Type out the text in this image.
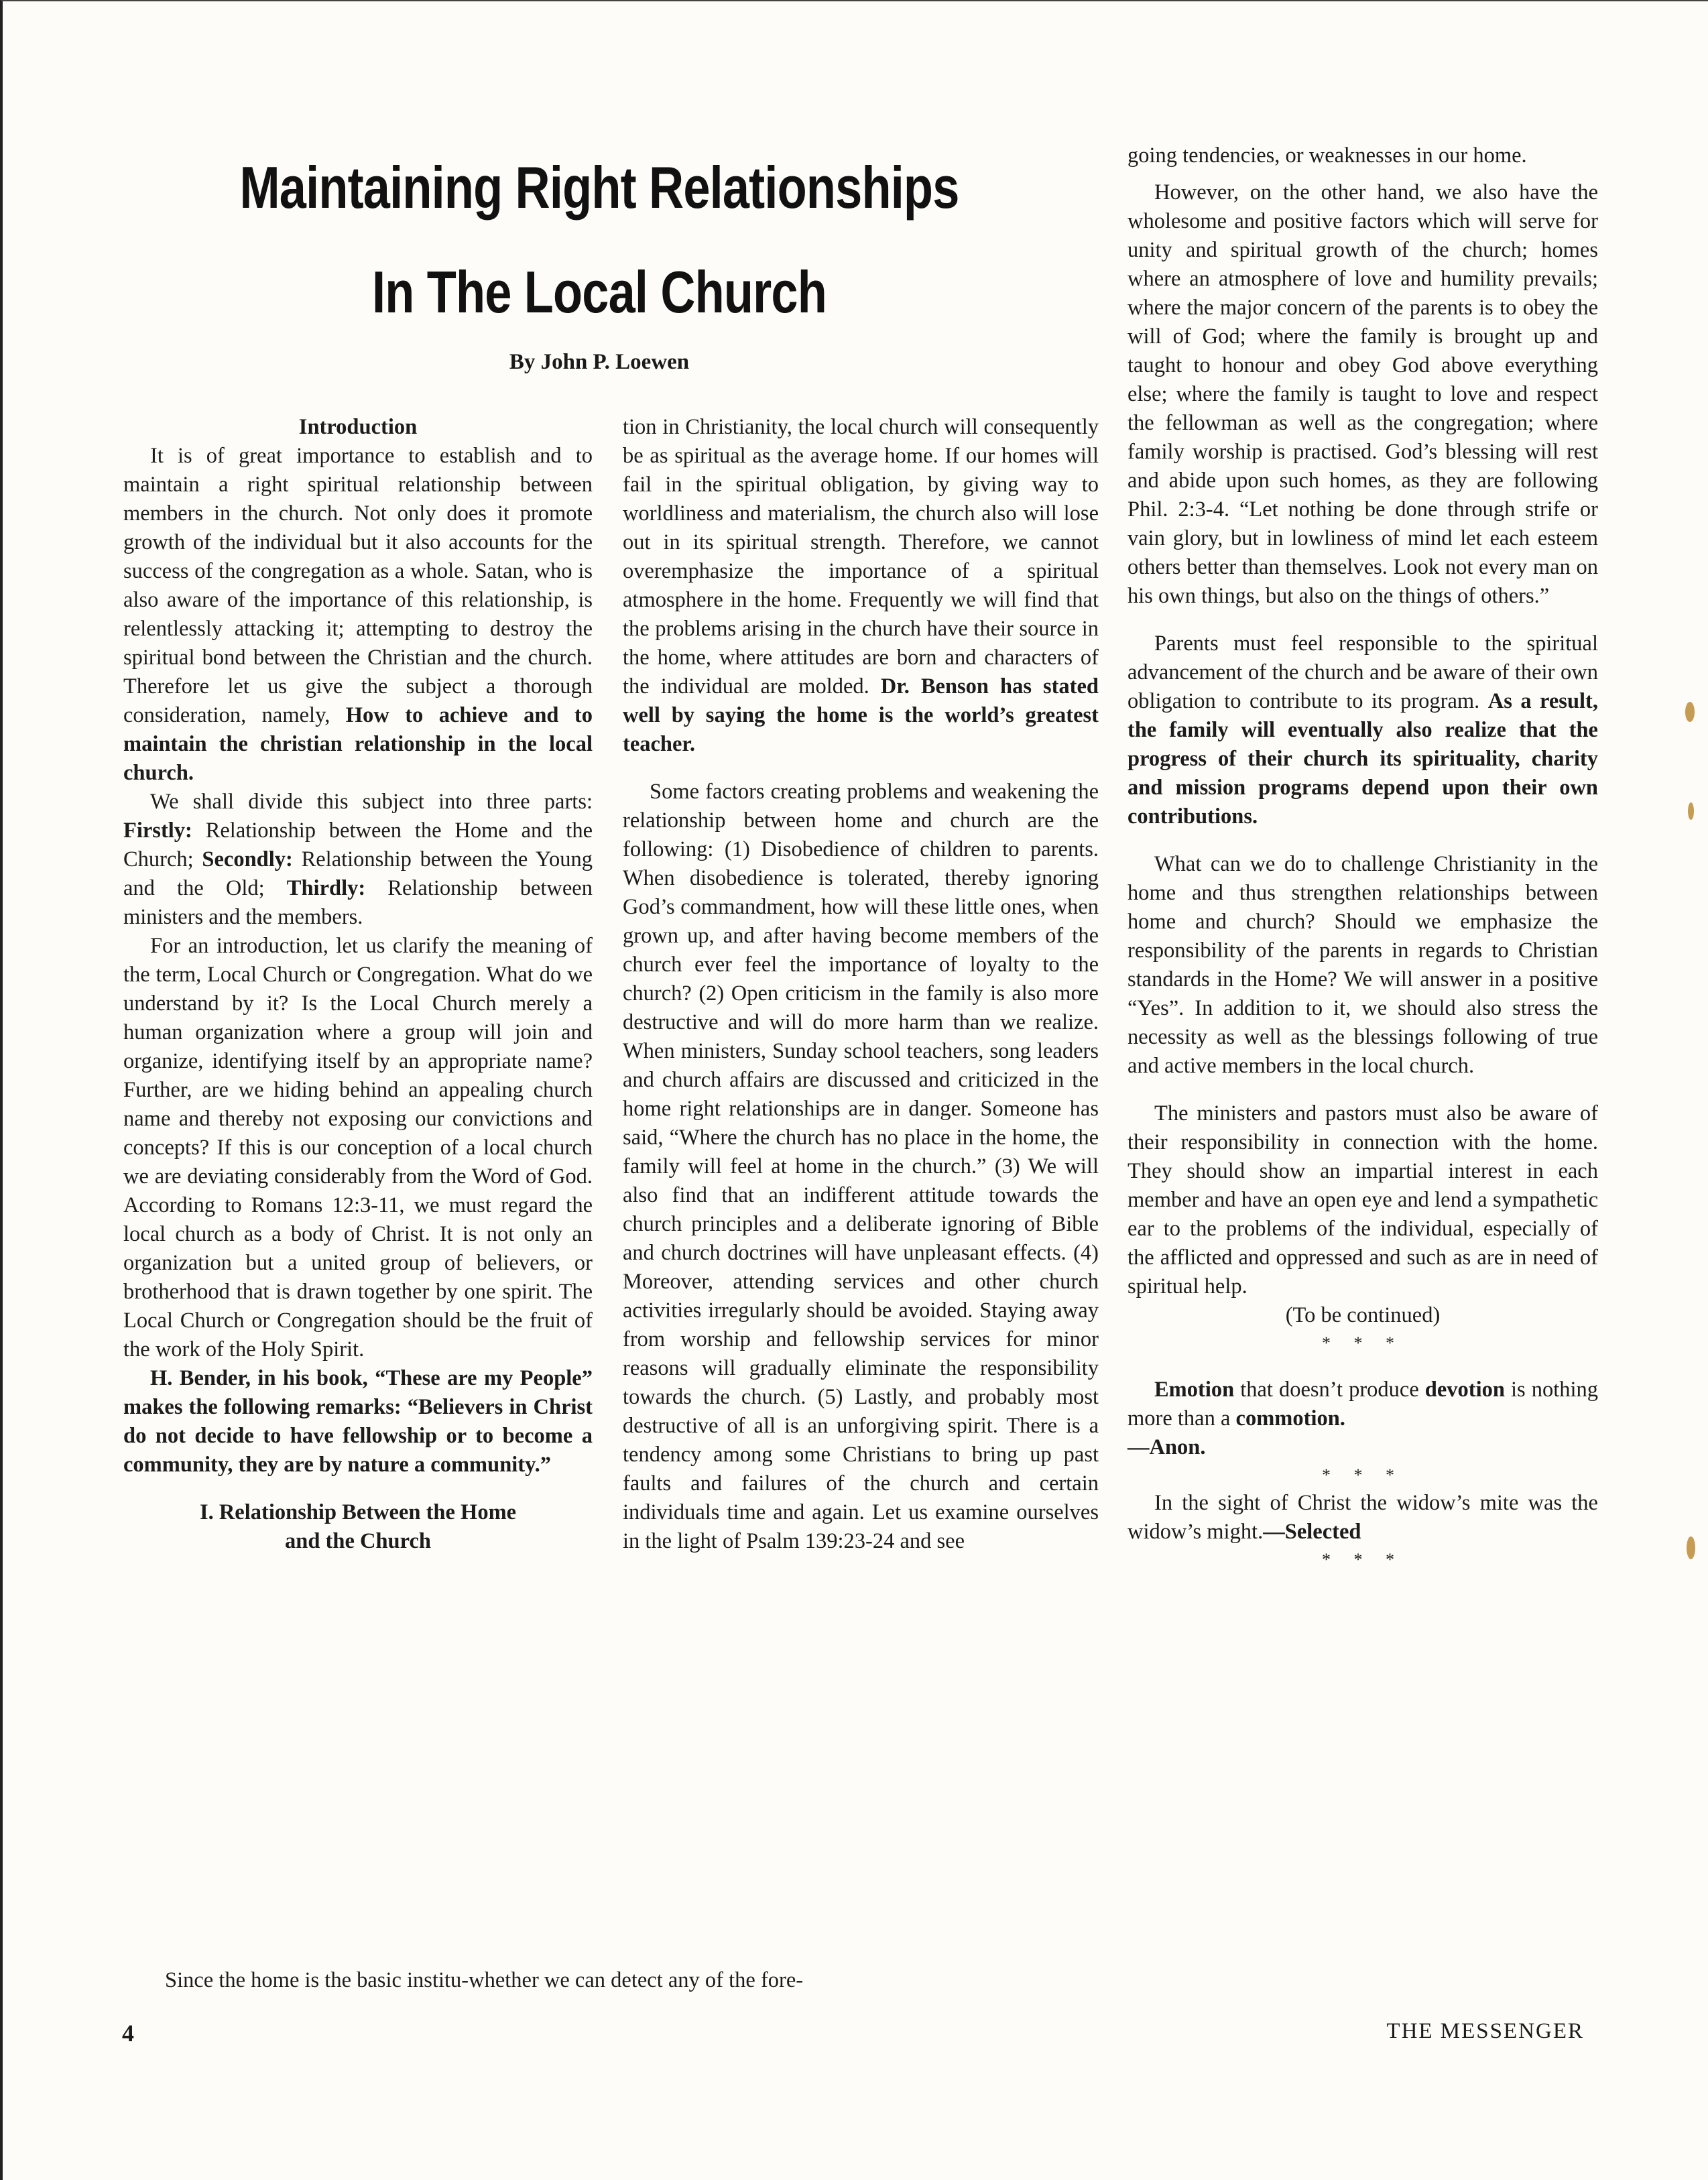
Maintaining Right Relationships
In The Local Church
By John P. Loewen

Introduction

It is of great importance to establish and to maintain a right spiritual relationship between members in the church. Not only does it promote growth of the individual but it also accounts for the success of the congregation as a whole. Satan, who is also aware of the importance of this relationship, is relentlessly attacking it; attempting to destroy the spiritual bond between the Christian and the church. Therefore let us give the subject a thorough consideration, namely, How to achieve and to maintain the christian relationship in the local church.

We shall divide this subject into three parts: Firstly: Relationship between the Home and the Church; Secondly: Relationship between the Young and the Old; Thirdly: Relationship between ministers and the members.

For an introduction, let us clarify the meaning of the term, Local Church or Congregation. What do we understand by it? Is the Local Church merely a human organization where a group will join and organize, identifying itself by an appropriate name? Further, are we hiding behind an appealing church name and thereby not exposing our convictions and concepts? If this is our conception of a local church we are deviating considerably from the Word of God. According to Romans 12:3-11, we must regard the local church as a body of Christ. It is not only an organization but a united group of believers, or brotherhood that is drawn together by one spirit. The Local Church or Congregation should be the fruit of the work of the Holy Spirit.

H. Bender, in his book, “These are my People” makes the following remarks: “Believers in Christ do not decide to have fellowship or to become a community, they are by nature a community.”

I. Relationship Between the Home
and the Church

tion in Christianity, the local church will consequently be as spiritual as the average home. If our homes will fail in the spiritual obligation, by giving way to worldliness and materialism, the church also will lose out in its spiritual strength. Therefore, we cannot overemphasize the importance of a spiritual atmosphere in the home. Frequently we will find that the problems arising in the church have their source in the home, where attitudes are born and characters of the individual are molded. Dr. Benson has stated well by saying the home is the world’s greatest teacher.

Some factors creating problems and weakening the relationship between home and church are the following: (1) Disobedience of children to parents. When disobedience is tolerated, thereby ignoring God’s commandment, how will these little ones, when grown up, and after having become members of the church ever feel the importance of loyalty to the church? (2) Open criticism in the family is also more destructive and will do more harm than we realize. When ministers, Sunday school teachers, song leaders and church affairs are discussed and criticized in the home right relationships are in danger. Someone has said, “Where the church has no place in the home, the family will feel at home in the church.” (3) We will also find that an indifferent attitude towards the church principles and a deliberate ignoring of Bible and church doctrines will have unpleasant effects. (4) Moreover, attending services and other church activities irregularly should be avoided. Staying away from worship and fellowship services for minor reasons will gradually eliminate the responsibility towards the church. (5) Lastly, and probably most destructive of all is an unforgiving spirit. There is a tendency among some Christians to bring up past faults and failures of the church and certain individuals time and again. Let us examine ourselves in the light of Psalm 139:23-24 and see

Since the home is the basic institu-whether we can detect any of the fore-

going tendencies, or weaknesses in our home.

However, on the other hand, we also have the wholesome and positive factors which will serve for unity and spiritual growth of the church; homes where an atmosphere of love and humility prevails; where the major concern of the parents is to obey the will of God; where the family is brought up and taught to honour and obey God above everything else; where the family is taught to love and respect the fellowman as well as the congregation; where family worship is practised. God’s blessing will rest and abide upon such homes, as they are following Phil. 2:3-4. “Let nothing be done through strife or vain glory, but in lowliness of mind let each esteem others better than themselves. Look not every man on his own things, but also on the things of others.”

Parents must feel responsible to the spiritual advancement of the church and be aware of their own obligation to contribute to its program. As a result, the family will eventually also realize that the progress of their church its spirituality, charity and mission programs depend upon their own contributions.

What can we do to challenge Christianity in the home and thus strengthen relationships between home and church? Should we emphasize the responsibility of the parents in regards to Christian standards in the Home? We will answer in a positive “Yes”. In addition to it, we should also stress the necessity as well as the blessings following of true and active members in the local church.

The ministers and pastors must also be aware of their responsibility in connection with the home. They should show an impartial interest in each member and have an open eye and lend a sympathetic ear to the problems of the individual, especially of the afflicted and oppressed and such as are in need of spiritual help.

(To be continued)

* * *

Emotion that doesn’t produce devotion is nothing more than a commotion.
—Anon.

* * *

In the sight of Christ the widow’s mite was the widow’s might.—Selected

* * *

4	THE MESSENGER
